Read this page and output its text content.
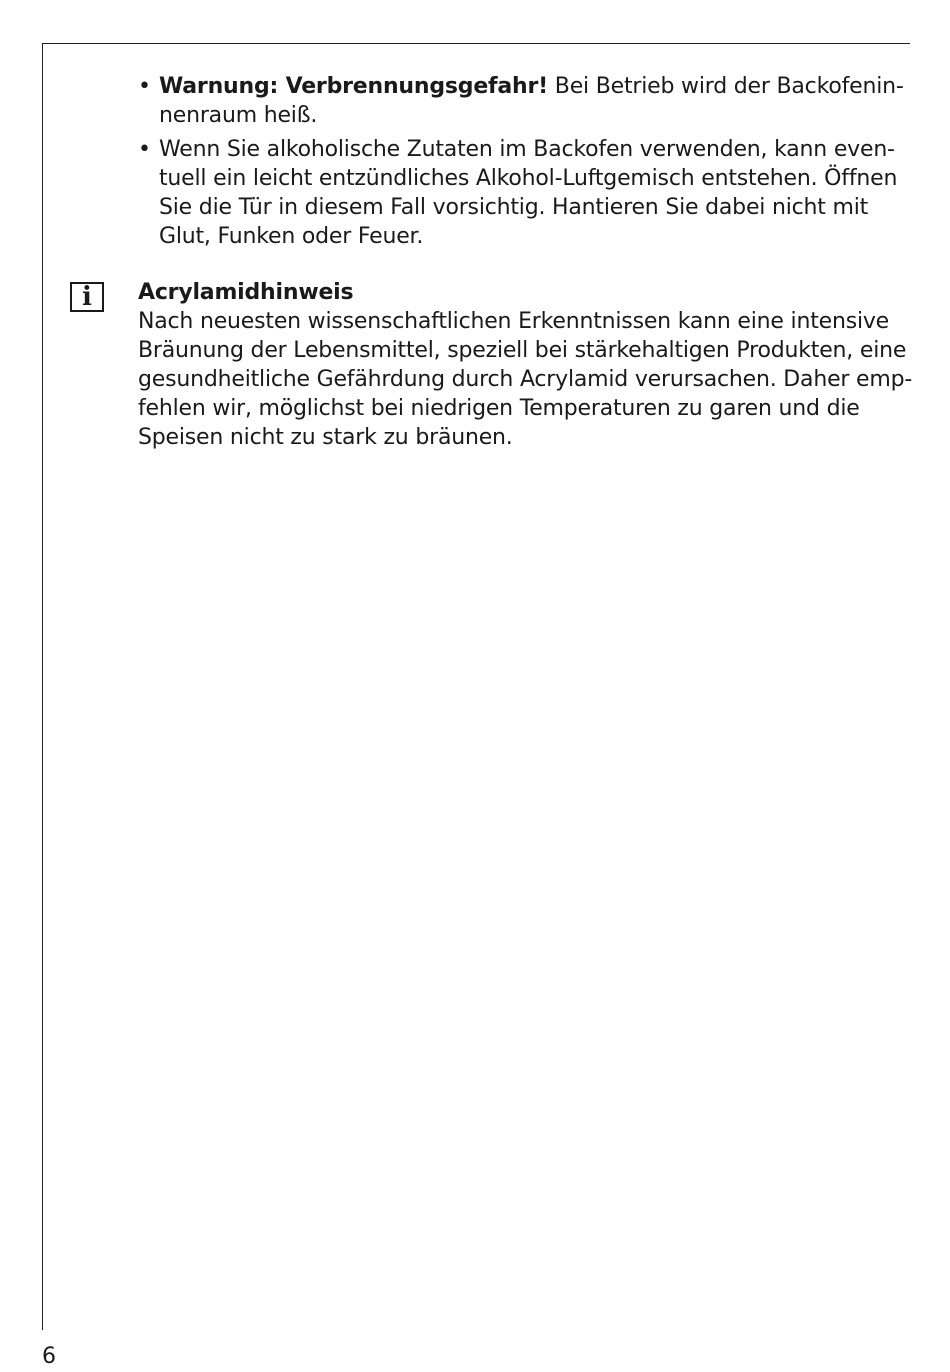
i
• Warnung: Verbrennungsgefahr! Bei Betrieb wird der Backofenin-
nenraum heiß.
• Wenn Sie alkoholische Zutaten im Backofen verwenden, kann even-
tuell ein leicht entzündliches Alkohol-Luftgemisch entstehen. Öffnen
Sie die Tür in diesem Fall vorsichtig. Hantieren Sie dabei nicht mit
Glut, Funken oder Feuer.
Acrylamidhinweis
Nach neuesten wissenschaftlichen Erkenntnissen kann eine intensive
Bräunung der Lebensmittel, speziell bei stärkehaltigen Produkten, eine
gesundheitliche Gefährdung durch Acrylamid verursachen. Daher emp-
fehlen wir, möglichst bei niedrigen Temperaturen zu garen und die
Speisen nicht zu stark zu bräunen.
6
